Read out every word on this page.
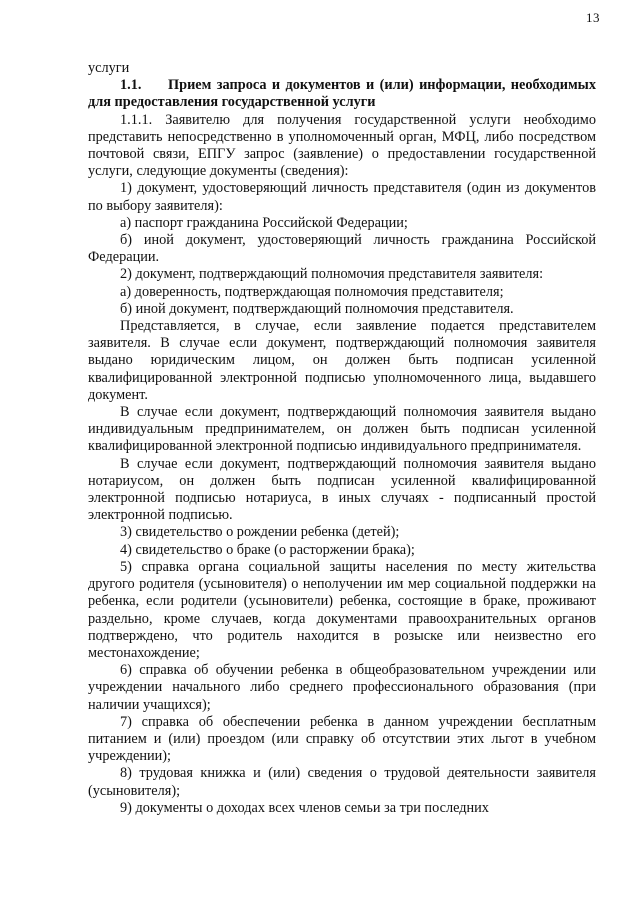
13

услуги

1.1. Прием запроса и документов и (или) информации, необходимых для предоставления государственной услуги

1.1.1. Заявителю для получения государственной услуги необходимо представить непосредственно в уполномоченный орган, МФЦ, либо посредством почтовой связи, ЕПГУ запрос (заявление) о предоставлении государственной услуги, следующие документы (сведения):

1) документ, удостоверяющий личность представителя (один из документов по выбору заявителя):

а) паспорт гражданина Российской Федерации;

б) иной документ, удостоверяющий личность гражданина Российской Федерации.

2) документ, подтверждающий полномочия представителя заявителя:

а) доверенность, подтверждающая полномочия представителя;

б) иной документ, подтверждающий полномочия представителя.

Представляется, в случае, если заявление подается представителем заявителя. В случае если документ, подтверждающий полномочия заявителя выдано юридическим лицом, он должен быть подписан усиленной квалифицированной электронной подписью уполномоченного лица, выдавшего документ.

В случае если документ, подтверждающий полномочия заявителя выдано индивидуальным предпринимателем, он должен быть подписан усиленной квалифицированной электронной подписью индивидуального предпринимателя.

В случае если документ, подтверждающий полномочия заявителя выдано нотариусом, он должен быть подписан усиленной квалифицированной электронной подписью нотариуса, в иных случаях - подписанный простой электронной подписью.

3) свидетельство о рождении ребенка (детей);

4) свидетельство о браке (о расторжении брака);

5) справка органа социальной защиты населения по месту жительства другого родителя (усыновителя) о неполучении им мер социальной поддержки на ребенка, если родители (усыновители) ребенка, состоящие в браке, проживают раздельно, кроме случаев, когда документами правоохранительных органов подтверждено, что родитель находится в розыске или неизвестно его местонахождение;

6) справка об обучении ребенка в общеобразовательном учреждении или учреждении начального либо среднего профессионального образования (при наличии учащихся);

7) справка об обеспечении ребенка в данном учреждении бесплатным питанием и (или) проездом (или справку об отсутствии этих льгот в учебном учреждении);

8) трудовая книжка и (или) сведения о трудовой деятельности заявителя (усыновителя);

9) документы о доходах всех членов семьи за три последних
